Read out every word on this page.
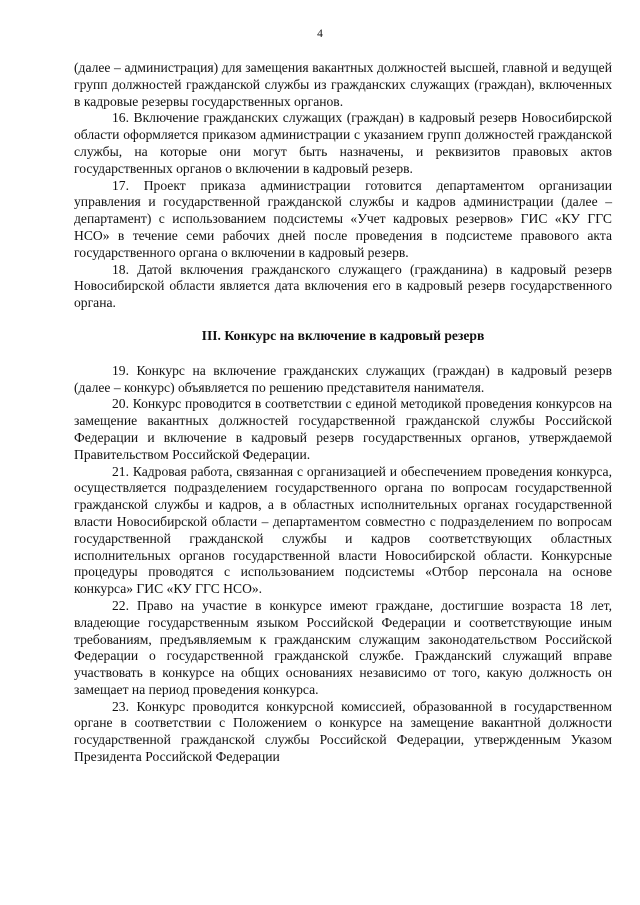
4

(далее – администрация) для замещения вакантных должностей высшей, главной и ведущей групп должностей гражданской службы из гражданских служащих (граждан), включенных в кадровые резервы государственных органов.

16. Включение гражданских служащих (граждан) в кадровый резерв Новосибирской области оформляется приказом администрации с указанием групп должностей гражданской службы, на которые они могут быть назначены, и реквизитов правовых актов государственных органов о включении в кадровый резерв.

17. Проект приказа администрации готовится департаментом организации управления и государственной гражданской службы и кадров администрации (далее – департамент) с использованием подсистемы «Учет кадровых резервов» ГИС «КУ ГГС НСО» в течение семи рабочих дней после проведения в подсистеме правового акта государственного органа о включении в кадровый резерв.

18. Датой включения гражданского служащего (гражданина) в кадровый резерв Новосибирской области является дата включения его в кадровый резерв государственного органа.

III. Конкурс на включение в кадровый резерв

19. Конкурс на включение гражданских служащих (граждан) в кадровый резерв (далее – конкурс) объявляется по решению представителя нанимателя.

20. Конкурс проводится в соответствии с единой методикой проведения конкурсов на замещение вакантных должностей государственной гражданской службы Российской Федерации и включение в кадровый резерв государственных органов, утверждаемой Правительством Российской Федерации.

21. Кадровая работа, связанная с организацией и обеспечением проведения конкурса, осуществляется подразделением государственного органа по вопросам государственной гражданской службы и кадров, а в областных исполнительных органах государственной власти Новосибирской области – департаментом совместно с подразделением по вопросам государственной гражданской службы и кадров соответствующих областных исполнительных органов государственной власти Новосибирской области. Конкурсные процедуры проводятся с использованием подсистемы «Отбор персонала на основе конкурса» ГИС «КУ ГГС НСО».

22. Право на участие в конкурсе имеют граждане, достигшие возраста 18 лет, владеющие государственным языком Российской Федерации и соответствующие иным требованиям, предъявляемым к гражданским служащим законодательством Российской Федерации о государственной гражданской службе. Гражданский служащий вправе участвовать в конкурсе на общих основаниях независимо от того, какую должность он замещает на период проведения конкурса.

23. Конкурс проводится конкурсной комиссией, образованной в государственном органе в соответствии с Положением о конкурсе на замещение вакантной должности государственной гражданской службы Российской Федерации, утвержденным Указом Президента Российской Федерации
